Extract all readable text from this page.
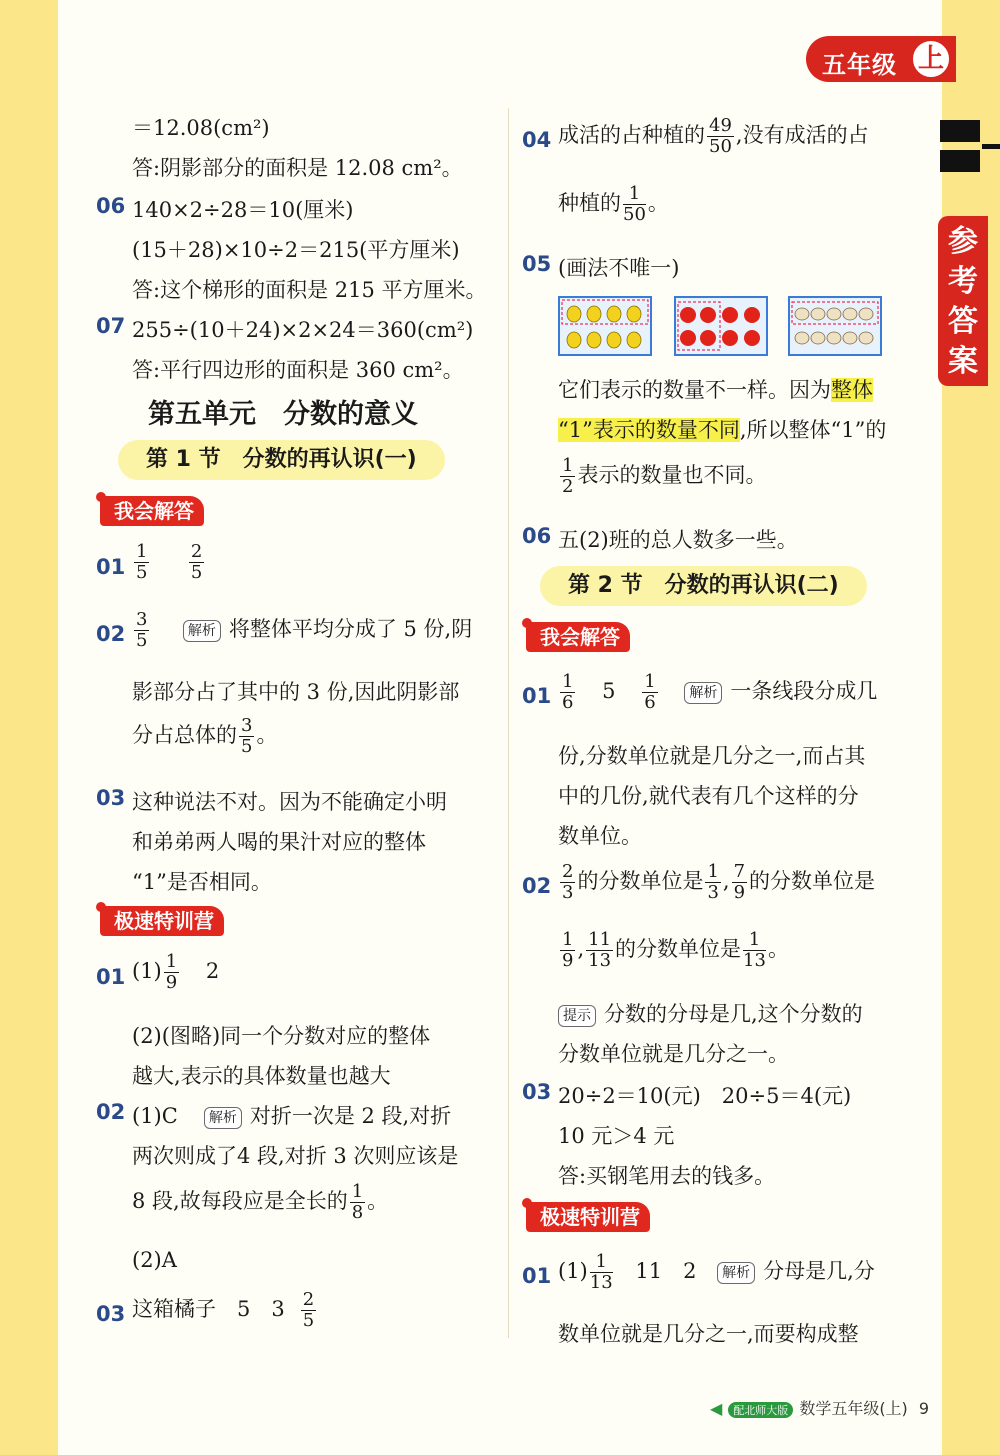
五年级 上
参考答案
＝12.08(cm²)
答:阴影部分的面积是 12.08 cm²。
06 140×2÷28＝10(厘米)
(15＋28)×10÷2＝215(平方厘米)
答:这个梯形的面积是 215 平方厘米。
07 255÷(10＋24)×2×24＝360(cm²)
答:平行四边形的面积是 360 cm²。
第五单元　分数的意义
第 1 节　分数的再认识(一)
我会解答
$01 \frac{1}{5}$
$\frac{2}{5}$
$02 \frac{3}{5}$	解析 将整体平均分成了 5 份,阴
影部分占了其中的 3 份,因此阴影部
分占总体的 $\frac{3}{5}$ 。
03 这种说法不对。因为不能确定小明
和弟弟两人喝的果汁对应的整体
“1”是否相同。
极速特训营
01 $(1) \frac{1}{9} 2$
(2)(图略)同一个分数对应的整体
越大,表示的具体数量也越大
02 (1)C 解析 对折一次是 2 段,对折
两次则成了4 段,对折 3 次则应该是
8 段,故每段应是全长的 $\frac{1}{8}$ 。
(2)A
03 这箱橘子　5　$3 \frac{2}{5}$
04 成活的占种植的 $\frac{49}{50}$ ,没有成活的占
种植的 $\frac{1}{50}$ 。
05 (画法不唯一)
它们表示的数量不一样。因为整体
“1”表示的数量不同,所以整体“1”的
$\frac{1}{2}$ 表示的数量也不同。
06 五(2)班的总人数多一些。
第 2 节　分数的再认识(二)
我会解答
$01 \frac{1}{6} 5 \frac{1}{6}$ 解析 一条线段分成几
份,分数单位就是几分之一,而占其
中的几份,就代表有几个这样的分
数单位。
$02 \frac{2}{3}$ 的分数单位是 $\frac{1}{3}$ , $\frac{7}{9}$ 的分数单位是
$\frac{1}{9}$ , $\frac{11}{13}$ 的分数单位是 $\frac{1}{13}$ 。
提示 分数的分母是几,这个分数的
分数单位就是几分之一。
03 20÷2＝10(元)　20÷5＝4(元)
10 元＞4 元
答:买钢笔用去的钱多。
极速特训营
01 $(1) \frac{1}{13} 11$　2 解析 分母是几,分
数单位就是几分之一,而要构成整
◀ 配北师大版 数学五年级(上) 9
